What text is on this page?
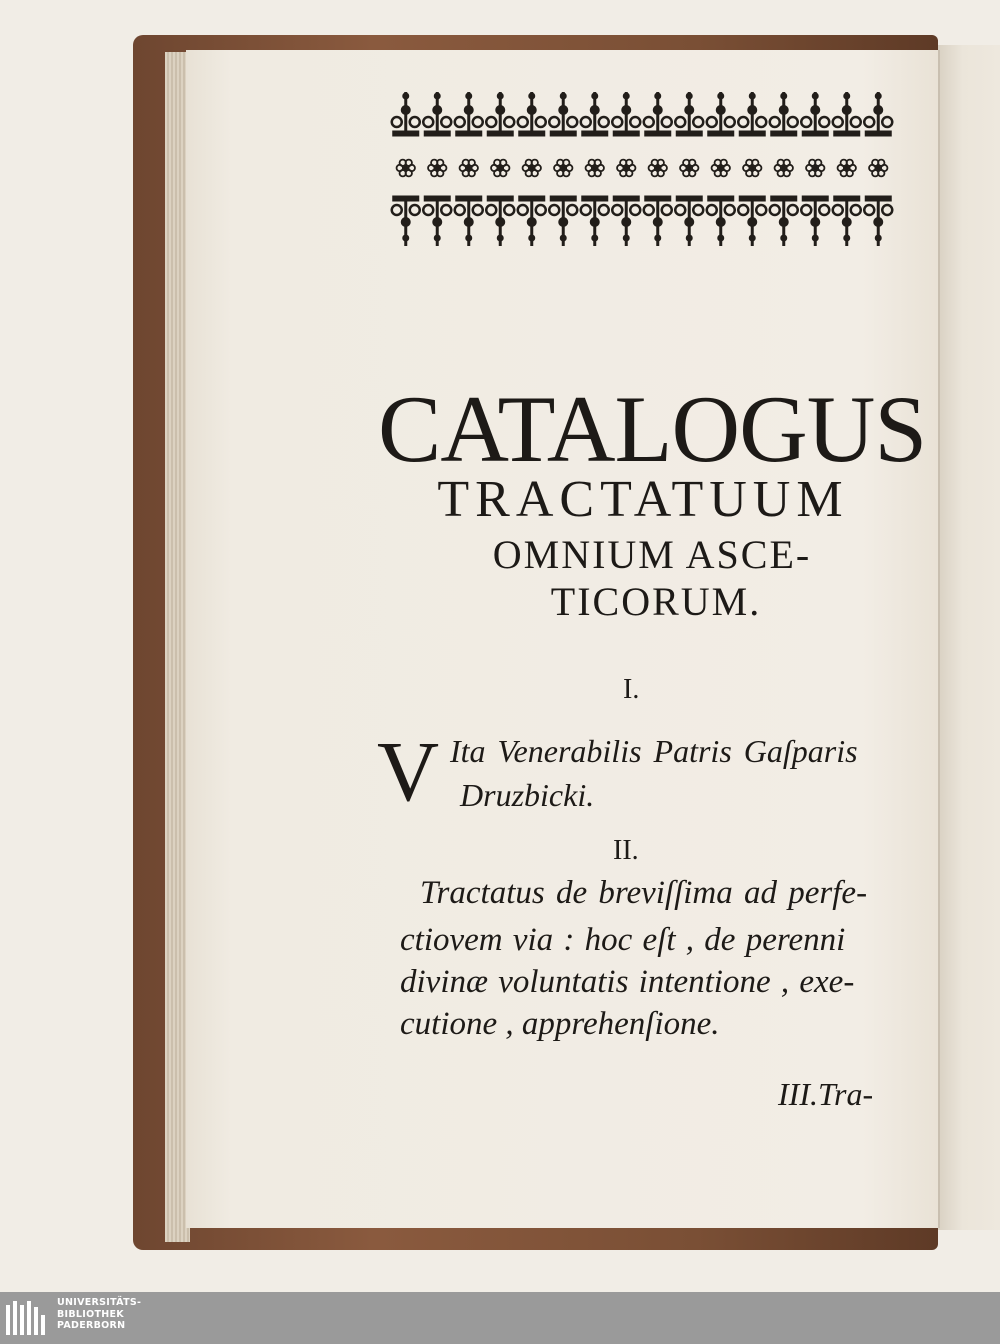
CATALOGUS
TRACTATUUM
OMNIUM ASCE-
TICORUM.
I.
V Ita Venerabilis Patris Gaſparis
Druzbicki.
II.
Tractatus de breviſſima ad perfe-
ctiovem via : hoc eſt , de perenni
divinæ voluntatis intentione , exe-
cutione , apprehenſione.
III.Tra-
UNIVERSITÄTS-
BIBLIOTHEK
PADERBORN
